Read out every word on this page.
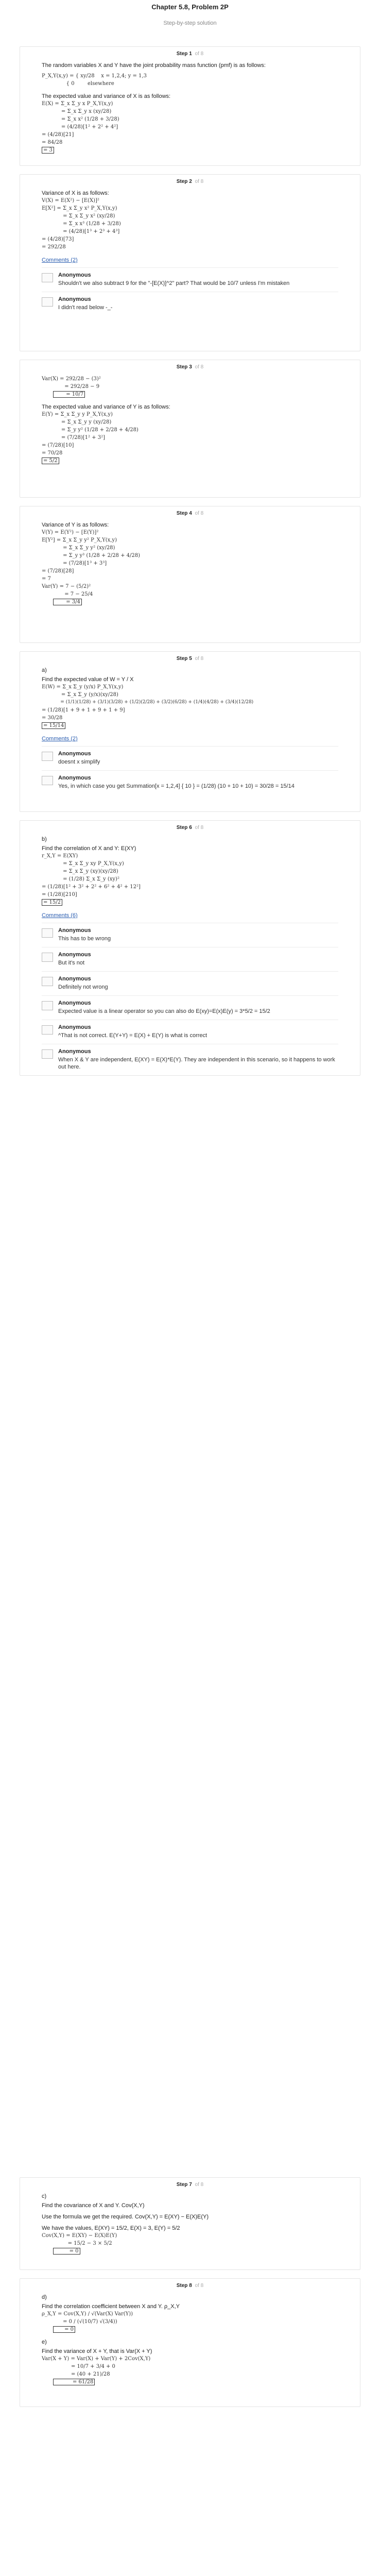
Chapter 5.8, Problem 2P
Step-by-step solution
Step 1 of 8
The random variables X and Y have the joint probability mass function (pmf) is as follows:
P_X,Y(x,y) = { xy/28    x = 1,2,4; y = 1,3
{ 0        elsewhere
The expected value and variance of X is as follows:
E(X) = Σ_x Σ_y x P_X,Y(x,y)
= Σ_x Σ_y x (xy/28)
= Σ_x x² (1/28 + 3/28)
= (4/28)[1² + 2² + 4²]
= (4/28)[21]
= 84/28
= 3
Step 2 of 8
Variance of X is as follows:
V(X) = E(X²) − [E(X)]²
E[X²] = Σ_x Σ_y x² P_X,Y(x,y)
= Σ_x Σ_y x² (xy/28)
= Σ_x x³ (1/28 + 3/28)
= (4/28)[1³ + 2³ + 4³]
= (4/28)[73]
= 292/28
Comments (2)
Anonymous
Shouldn't we also subtract 9 for the "-[E(X)]^2" part? That would be 10/7 unless I'm mistaken
Anonymous
I didn't read below -_-
Step 3 of 8
Var(X) = 292/28 − (3)²
= 292/28 − 9
= 10/7
The expected value and variance of Y is as follows:
E(Y) = Σ_x Σ_y y P_X,Y(x,y)
= Σ_x Σ_y y (xy/28)
= Σ_y y² (1/28 + 2/28 + 4/28)
= (7/28)[1² + 3²]
= (7/28)[10]
= 70/28
= 5/2
Step 4 of 8
Variance of Y is as follows:
V(Y) = E(Y²) − [E(Y)]²
E[Y²] = Σ_x Σ_y y² P_X,Y(x,y)
= Σ_x Σ_y y² (xy/28)
= Σ_y y³ (1/28 + 2/28 + 4/28)
= (7/28)[1³ + 3³]
= (7/28)[28]
= 7
Var(Y) = 7 − (5/2)²
= 7 − 25/4
= 3/4
Step 5 of 8
a)
Find the expected value of W = Y / X
E(W) = Σ_x Σ_y (y/x) P_X,Y(x,y)
= Σ_x Σ_y (y/x)(xy/28)
= (1/1)(1/28) + (3/1)(3/28) + (1/2)(2/28) + (3/2)(6/28) + (1/4)(4/28) + (3/4)(12/28)
= (1/28)[1 + 9 + 1 + 9 + 1 + 9]
= 30/28
= 15/14
Comments (2)
Anonymous
doesnt x simplify
Anonymous
Yes, in which case you get Summation[x = 1,2,4] { 10 } = (1/28) (10 + 10 + 10) = 30/28 = 15/14
Step 6 of 8
b)
Find the correlation of X and Y: E(XY)
r_X,Y = E(XY)
= Σ_x Σ_y xy P_X,Y(x,y)
= Σ_x Σ_y (xy)(xy/28)
= (1/28) Σ_x Σ_y (xy)²
= (1/28)[1² + 3² + 2² + 6² + 4² + 12²]
= (1/28)[210]
= 15/2
Comments (6)
Anonymous
This has to be wrong
Anonymous
But it's not
Anonymous
Definitely not wrong
Anonymous
Expected value is a linear operator so you can also do E(xy)=E(x)E(y) = 3*5/2 = 15/2
Anonymous
^That is not correct. E(Y+Y) = E(X) + E(Y) is what is correct
Anonymous
When X & Y are independent, E(XY) = E(X)*E(Y). They are independent in this scenario, so it happens to work out here.
Step 7 of 8
c)
Find the covariance of X and Y. Cov(X,Y)
Use the formula we get the required. Cov(X,Y) = E(XY) − E(X)E(Y)
We have the values, E(XY) = 15/2, E(X) = 3, E(Y) = 5/2
Cov(X,Y) = E(XY) − E(X)E(Y)
= 15/2 − 3 × 5/2
= 0
Step 8 of 8
d)
Find the correlation coefficient between X and Y. ρ_X,Y
ρ_X,Y = Cov(X,Y) / √(Var(X) Var(Y))
= 0 / (√(10/7) √(3/4))
= 0
e)
Find the variance of X + Y, that is Var(X + Y)
Var(X + Y) = Var(X) + Var(Y) + 2Cov(X,Y)
= 10/7 + 3/4 + 0
= (40 + 21)/28
= 61/28
